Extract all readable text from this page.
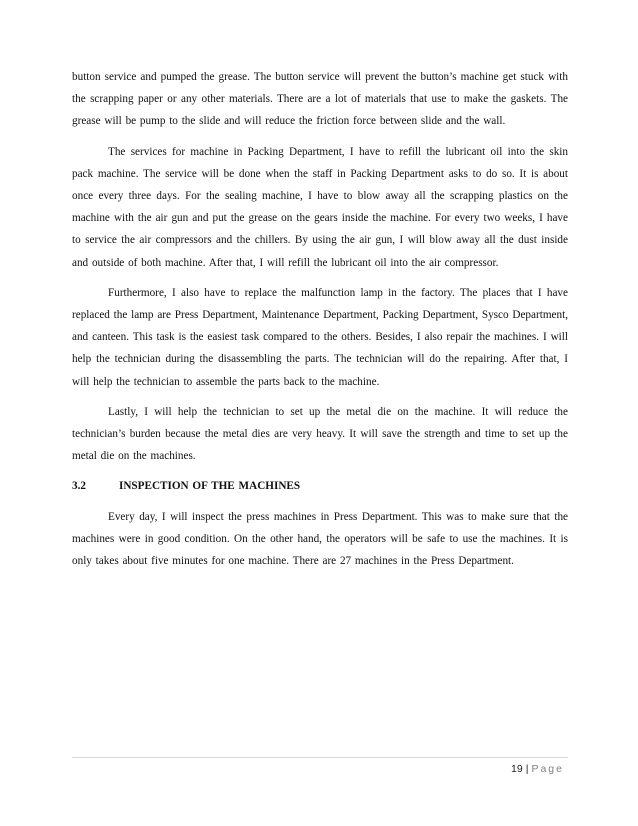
button service and pumped the grease. The button service will prevent the button’s machine get stuck with the scrapping paper or any other materials. There are a lot of materials that use to make the gaskets. The grease will be pump to the slide and will reduce the friction force between slide and the wall.

The services for machine in Packing Department, I have to refill the lubricant oil into the skin pack machine. The service will be done when the staff in Packing Department asks to do so. It is about once every three days. For the sealing machine, I have to blow away all the scrapping plastics on the machine with the air gun and put the grease on the gears inside the machine. For every two weeks, I have to service the air compressors and the chillers. By using the air gun, I will blow away all the dust inside and outside of both machine. After that, I will refill the lubricant oil into the air compressor.

Furthermore, I also have to replace the malfunction lamp in the factory. The places that I have replaced the lamp are Press Department, Maintenance Department, Packing Department, Sysco Department, and canteen. This task is the easiest task compared to the others. Besides, I also repair the machines. I will help the technician during the disassembling the parts. The technician will do the repairing. After that, I will help the technician to assemble the parts back to the machine.

Lastly, I will help the technician to set up the metal die on the machine. It will reduce the technician’s burden because the metal dies are very heavy. It will save the strength and time to set up the metal die on the machines.

3.2	INSPECTION OF THE MACHINES

Every day, I will inspect the press machines in Press Department. This was to make sure that the machines were in good condition. On the other hand, the operators will be safe to use the machines. It is only takes about five minutes for one machine. There are 27 machines in the Press Department.

19 | Page
